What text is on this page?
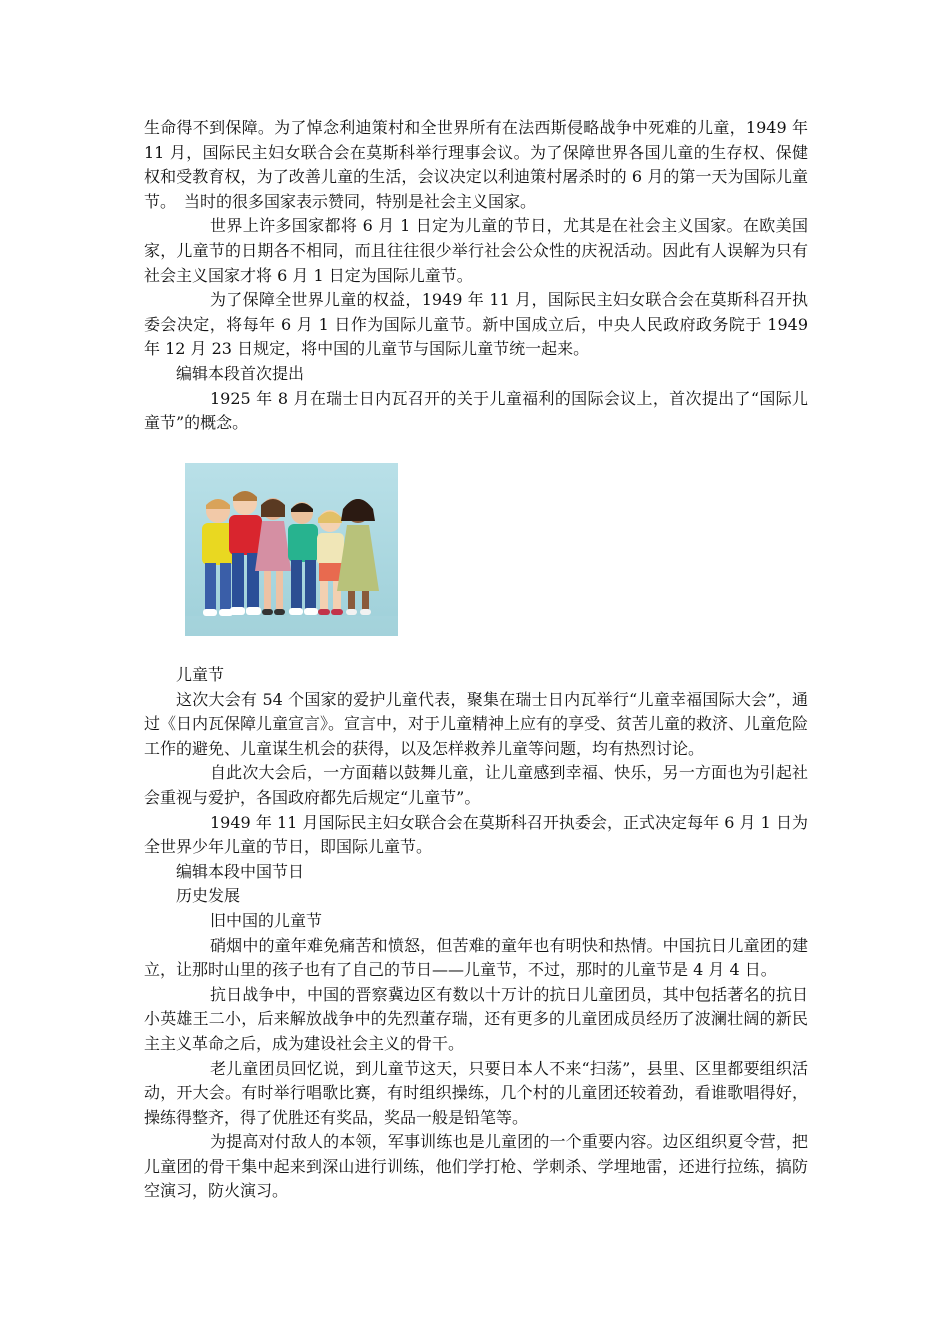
生命得不到保障。为了悼念利迪策村和全世界所有在法西斯侵略战争中死难的儿童，1949 年 11 月，国际民主妇女联合会在莫斯科举行理事会议。为了保障世界各国儿童的生存权、保健权和受教育权，为了改善儿童的生活，会议决定以利迪策村屠杀时的 6 月的第一天为国际儿童节。　当时的很多国家表示赞同，特别是社会主义国家。

世界上许多国家都将 6 月 1 日定为儿童的节日，尤其是在社会主义国家。在欧美国家，儿童节的日期各不相同，而且往往很少举行社会公众性的庆祝活动。因此有人误解为只有社会主义国家才将 6 月 1 日定为国际儿童节。

为了保障全世界儿童的权益，1949 年 11 月，国际民主妇女联合会在莫斯科召开执委会决定，将每年 6 月 1 日作为国际儿童节。新中国成立后，中央人民政府政务院于 1949 年 12 月 23 日规定，将中国的儿童节与国际儿童节统一起来。

编辑本段首次提出

1925 年 8 月在瑞士日内瓦召开的关于儿童福利的国际会议上，首次提出了“国际儿童节”的概念。

儿童节

这次大会有 54 个国家的爱护儿童代表，聚集在瑞士日内瓦举行“儿童幸福国际大会”，通过《日内瓦保障儿童宣言》。宣言中，对于儿童精神上应有的享受、贫苦儿童的救济、儿童危险工作的避免、儿童谋生机会的获得，以及怎样救养儿童等问题，均有热烈讨论。

自此次大会后，一方面藉以鼓舞儿童，让儿童感到幸福、快乐，另一方面也为引起社会重视与爱护，各国政府都先后规定“儿童节”。

1949 年 11 月国际民主妇女联合会在莫斯科召开执委会，正式决定每年 6 月 1 日为全世界少年儿童的节日，即国际儿童节。

编辑本段中国节日

历史发展

旧中国的儿童节

硝烟中的童年难免痛苦和愤怒，但苦难的童年也有明快和热情。中国抗日儿童团的建立，让那时山里的孩子也有了自己的节日——儿童节，不过，那时的儿童节是 4 月 4 日。

抗日战争中，中国的晋察冀边区有数以十万计的抗日儿童团员，其中包括著名的抗日小英雄王二小，后来解放战争中的先烈董存瑞，还有更多的儿童团成员经历了波澜壮阔的新民主主义革命之后，成为建设社会主义的骨干。

老儿童团员回忆说，到儿童节这天，只要日本人不来“扫荡”，县里、区里都要组织活动，开大会。有时举行唱歌比赛，有时组织操练，几个村的儿童团还较着劲，看谁歌唱得好，操练得整齐，得了优胜还有奖品，奖品一般是铅笔等。

为提高对付敌人的本领，军事训练也是儿童团的一个重要内容。边区组织夏令营，把儿童团的骨干集中起来到深山进行训练，他们学打枪、学刺杀、学埋地雷，还进行拉练，搞防空演习，防火演习。
